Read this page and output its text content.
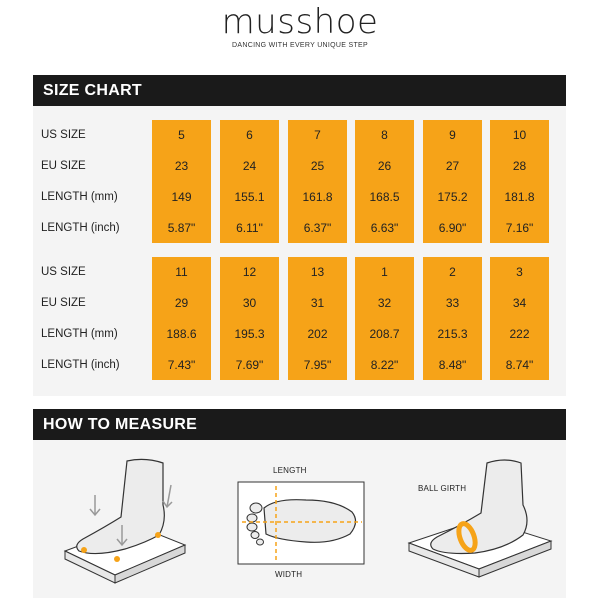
musshoe
DANCING WITH EVERY UNIQUE STEP
SIZE CHART
US SIZE
EU SIZE
LENGTH (mm)
LENGTH (inch)
5
23
149
5.87"
6
24
155.1
6.11"
7
25
161.8
6.37"
8
26
168.5
6.63"
9
27
175.2
6.90"
10
28
181.8
7.16"
US SIZE
EU SIZE
LENGTH (mm)
LENGTH (inch)
11
29
188.6
7.43"
12
30
195.3
7.69"
13
31
202
7.95"
1
32
208.7
8.22"
2
33
215.3
8.48"
3
34
222
8.74"
HOW TO MEASURE
LENGTH
WIDTH
BALL GIRTH
